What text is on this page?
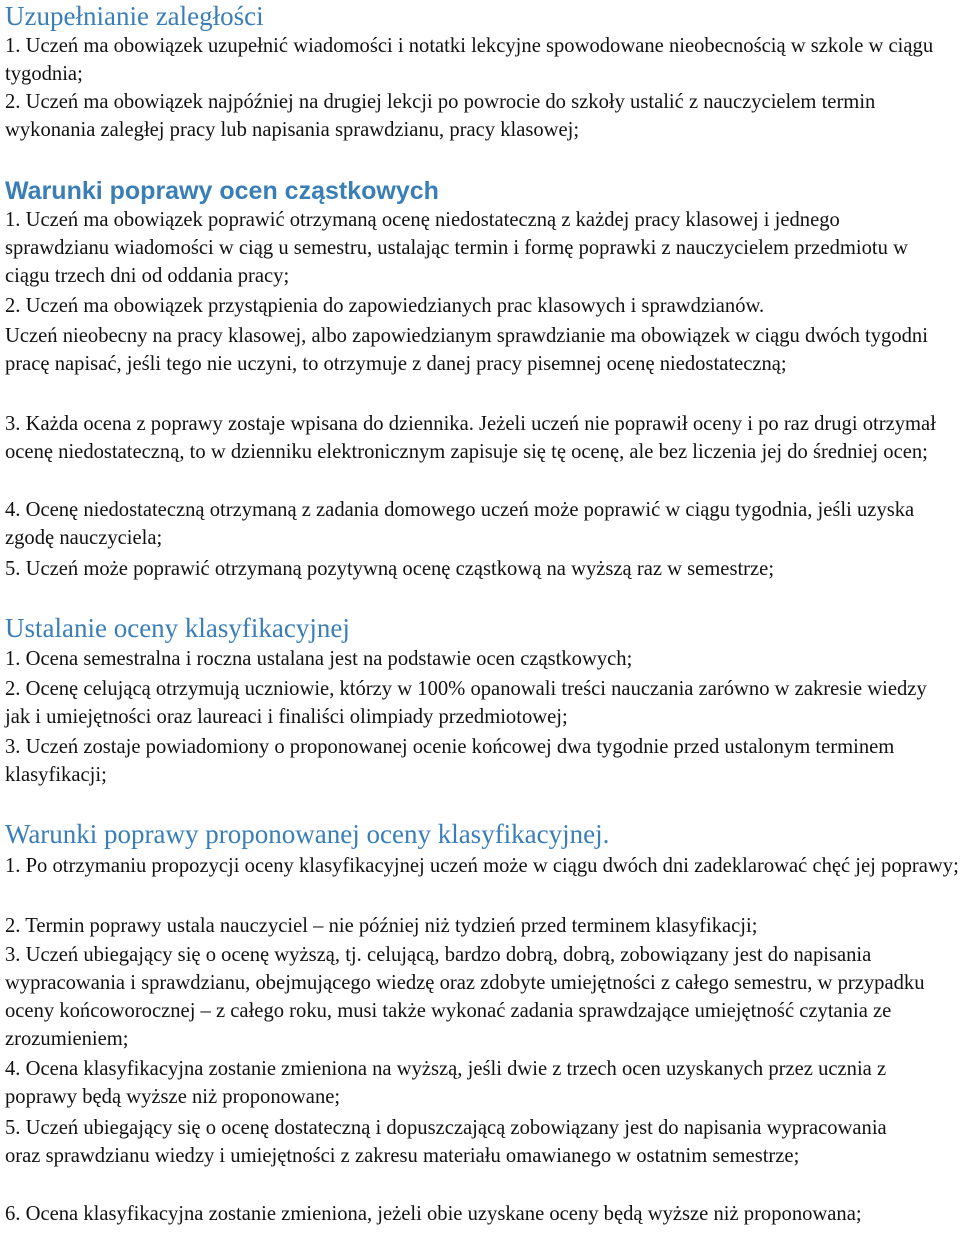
Uzupełnianie zaległości

1. Uczeń ma obowiązek uzupełnić wiadomości i notatki lekcyjne spowodowane nieobecnością w szkole w ciągu tygodnia;

2. Uczeń ma obowiązek najpóźniej na drugiej lekcji po powrocie do szkoły ustalić z nauczycielem termin wykonania zaległej pracy lub napisania sprawdzianu, pracy klasowej;

Warunki poprawy ocen cząstkowych

1. Uczeń ma obowiązek poprawić otrzymaną ocenę niedostateczną z każdej pracy klasowej i jednego sprawdzianu wiadomości w ciąg u semestru, ustalając termin i formę poprawki z nauczycielem przedmiotu w ciągu trzech dni od oddania pracy;

2. Uczeń ma obowiązek przystąpienia do zapowiedzianych prac klasowych i sprawdzianów.

Uczeń nieobecny na pracy klasowej, albo zapowiedzianym sprawdzianie ma obowiązek w ciągu dwóch tygodni pracę napisać, jeśli tego nie uczyni, to otrzymuje z danej pracy pisemnej ocenę niedostateczną;

3. Każda ocena z poprawy zostaje wpisana do dziennika. Jeżeli uczeń nie poprawił oceny i po raz drugi otrzymał ocenę niedostateczną, to w dzienniku elektronicznym zapisuje się tę ocenę, ale bez liczenia jej do średniej ocen;

4. Ocenę niedostateczną otrzymaną z zadania domowego uczeń może poprawić w ciągu tygodnia, jeśli uzyska zgodę nauczyciela;

5. Uczeń może poprawić otrzymaną pozytywną ocenę cząstkową na wyższą raz w semestrze;

Ustalanie oceny klasyfikacyjnej

1. Ocena semestralna i roczna ustalana jest na podstawie ocen cząstkowych;

2. Ocenę celującą otrzymują uczniowie, którzy w 100% opanowali treści nauczania zarówno w zakresie wiedzy jak i umiejętności oraz laureaci i finaliści olimpiady przedmiotowej;

3. Uczeń zostaje powiadomiony o proponowanej ocenie końcowej dwa tygodnie przed ustalonym terminem klasyfikacji;

Warunki poprawy proponowanej oceny klasyfikacyjnej.

1. Po otrzymaniu propozycji oceny klasyfikacyjnej uczeń może w ciągu dwóch dni zadeklarować chęć jej poprawy;

2. Termin poprawy ustala nauczyciel – nie później niż tydzień przed terminem klasyfikacji;

3. Uczeń ubiegający się o ocenę wyższą, tj. celującą, bardzo dobrą, dobrą, zobowiązany jest do napisania wypracowania i sprawdzianu, obejmującego wiedzę oraz zdobyte umiejętności z całego semestru, w przypadku oceny końcoworocznej – z całego roku, musi także wykonać zadania sprawdzające umiejętność czytania ze zrozumieniem;

4. Ocena klasyfikacyjna zostanie zmieniona na wyższą, jeśli dwie z trzech ocen uzyskanych przez ucznia z poprawy będą wyższe niż proponowane;

5. Uczeń ubiegający się o ocenę dostateczną i dopuszczającą zobowiązany jest do napisania wypracowania oraz sprawdzianu wiedzy i umiejętności z zakresu materiału omawianego w ostatnim semestrze;

6. Ocena klasyfikacyjna zostanie zmieniona, jeżeli obie uzyskane oceny będą wyższe niż proponowana;
